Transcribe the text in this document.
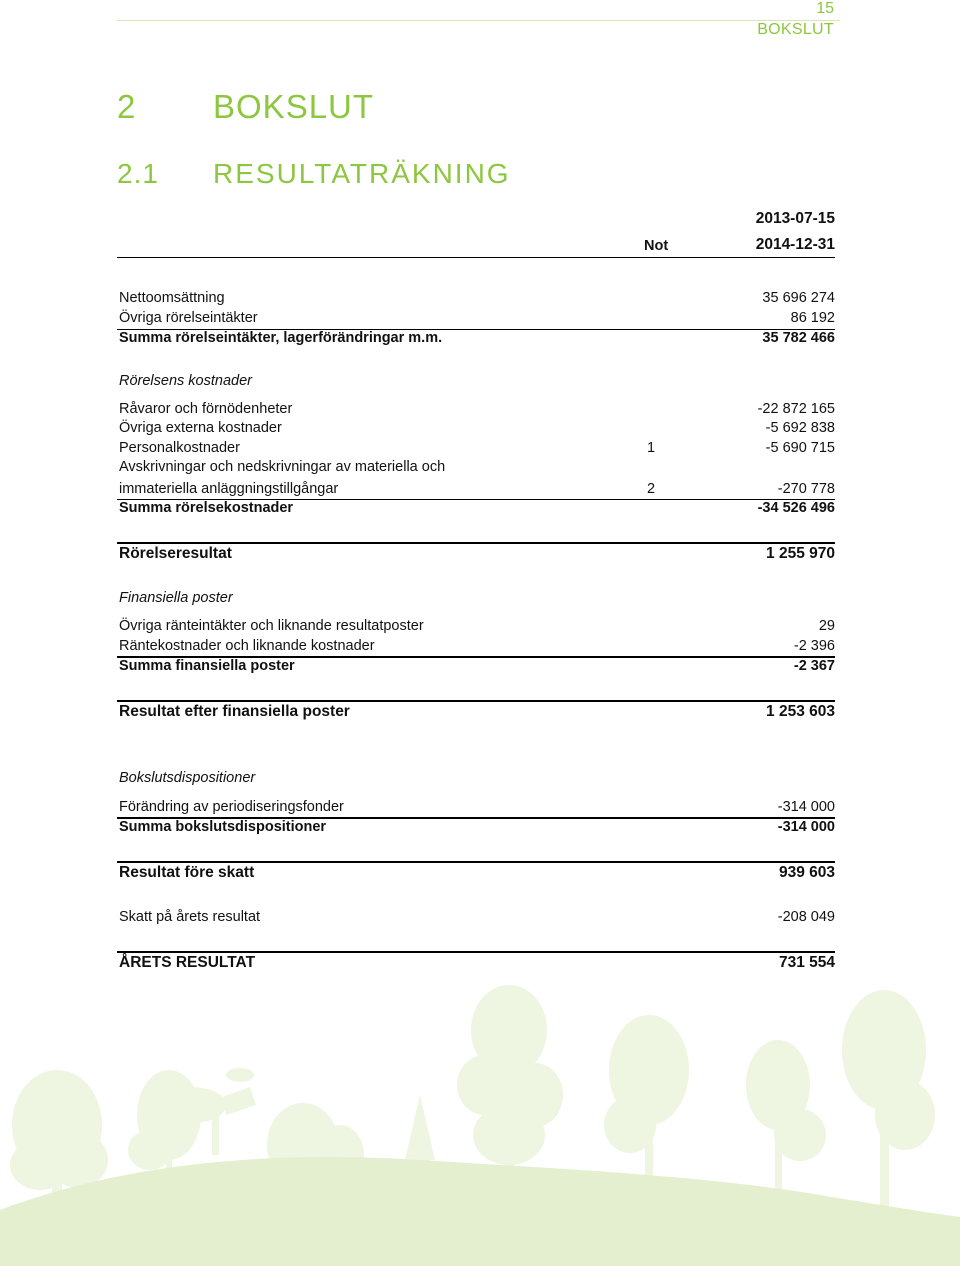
15
BOKSLUT
2 BOKSLUT
2.1 RESULTATRÄKNING
2013-07-15
Not	2014-12-31
Nettoomsättning	35 696 274
Övriga rörelseintäkter	86 192
Summa rörelseintäkter, lagerförändringar m.m.	35 782 466
Rörelsens kostnader
Råvaror och förnödenheter	-22 872 165
Övriga externa kostnader	-5 692 838
Personalkostnader	1	-5 690 715
Avskrivningar och nedskrivningar av materiella och
immateriella anläggningstillgångar	2	-270 778
Summa rörelsekostnader	-34 526 496
Rörelseresultat	1 255 970
Finansiella poster
Övriga ränteintäkter och liknande resultatposter	29
Räntekostnader och liknande kostnader	-2 396
Summa finansiella poster	-2 367
Resultat efter finansiella poster	1 253 603
Bokslutsdispositioner
Förändring av periodiseringsfonder	-314 000
Summa bokslutsdispositioner	-314 000
Resultat före skatt	939 603
Skatt på årets resultat	-208 049
ÅRETS RESULTAT	731 554
